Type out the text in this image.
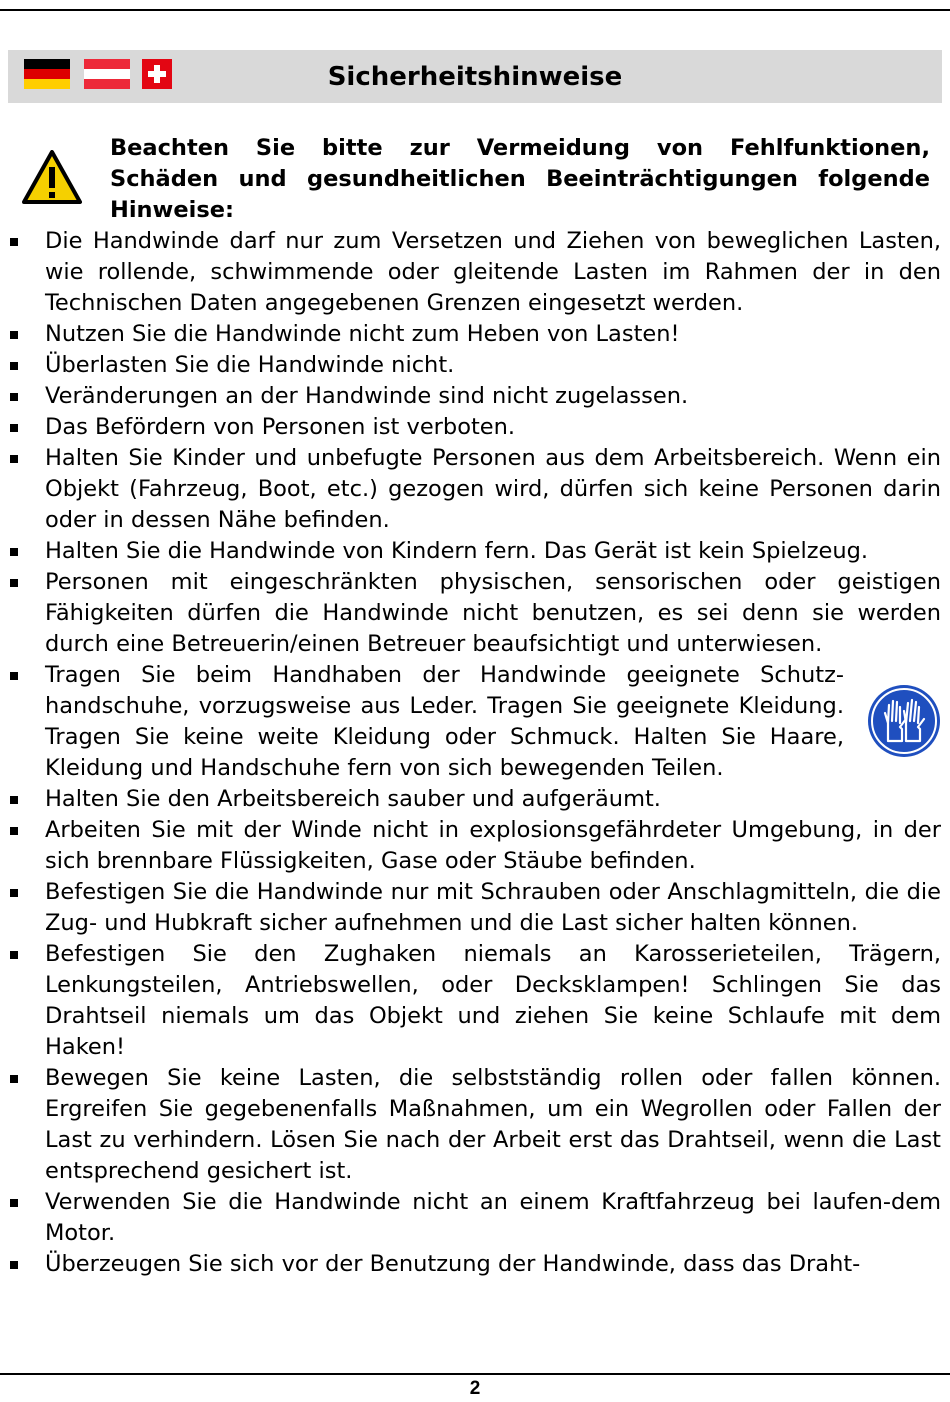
Sicherheitshinweise
Beachten Sie bitte zur Vermeidung von Fehlfunktionen, Schäden und gesundheitlichen Beeinträchtigungen folgende Hinweise:
Die Handwinde darf nur zum Versetzen und Ziehen von beweglichen Lasten, wie rollende, schwimmende oder gleitende Lasten im Rahmen der in den Technischen Daten angegebenen Grenzen eingesetzt werden.
Nutzen Sie die Handwinde nicht zum Heben von Lasten!
Überlasten Sie die Handwinde nicht.
Veränderungen an der Handwinde sind nicht zugelassen.
Das Befördern von Personen ist verboten.
Halten Sie Kinder und unbefugte Personen aus dem Arbeitsbereich. Wenn ein Objekt (Fahrzeug, Boot, etc.) gezogen wird, dürfen sich keine Personen darin oder in dessen Nähe befinden.
Halten Sie die Handwinde von Kindern fern. Das Gerät ist kein Spielzeug.
Personen mit eingeschränkten physischen, sensorischen oder geistigen Fähigkeiten dürfen die Handwinde nicht benutzen, es sei denn sie werden durch eine Betreuerin/einen Betreuer beaufsichtigt und unterwiesen.
Tragen Sie beim Handhaben der Handwinde geeignete Schutz-handschuhe, vorzugsweise aus Leder. Tragen Sie geeignete Kleidung. Tragen Sie keine weite Kleidung oder Schmuck. Halten Sie Haare, Kleidung und Handschuhe fern von sich bewegenden Teilen.
Halten Sie den Arbeitsbereich sauber und aufgeräumt.
Arbeiten Sie mit der Winde nicht in explosionsgefährdeter Umgebung, in der sich brennbare Flüssigkeiten, Gase oder Stäube befinden.
Befestigen Sie die Handwinde nur mit Schrauben oder Anschlagmitteln, die die Zug- und Hubkraft sicher aufnehmen und die Last sicher halten können.
Befestigen Sie den Zughaken niemals an Karosserieteilen, Trägern, Lenkungsteilen, Antriebswellen, oder Decksklampen! Schlingen Sie das Drahtseil niemals um das Objekt und ziehen Sie keine Schlaufe mit dem Haken!
Bewegen Sie keine Lasten, die selbstständig rollen oder fallen können. Ergreifen Sie gegebenenfalls Maßnahmen, um ein Wegrollen oder Fallen der Last zu verhindern. Lösen Sie nach der Arbeit erst das Drahtseil, wenn die Last entsprechend gesichert ist.
Verwenden Sie die Handwinde nicht an einem Kraftfahrzeug bei laufen-dem Motor.
Überzeugen Sie sich vor der Benutzung der Handwinde, dass das Draht-
2
